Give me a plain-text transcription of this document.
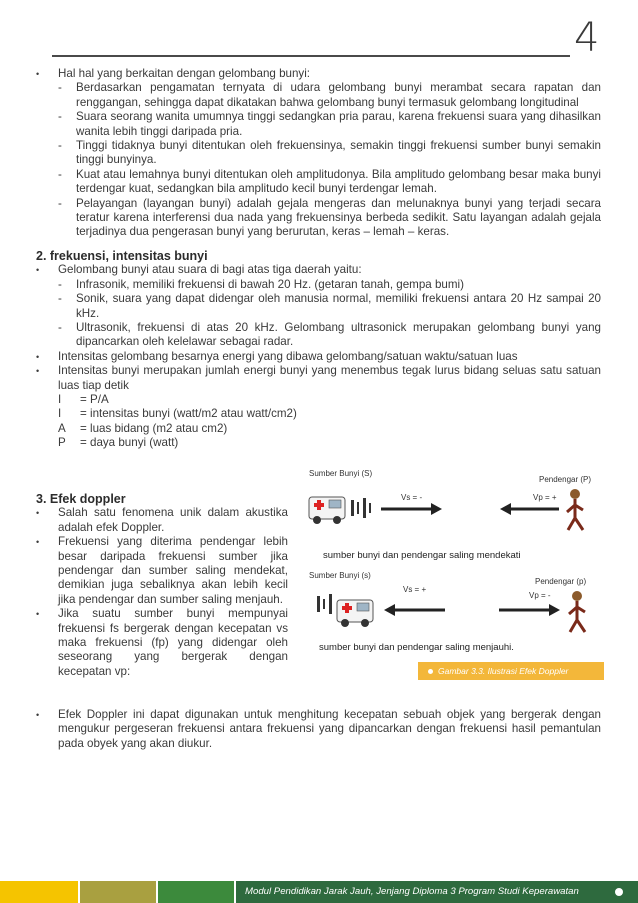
4
• Hal hal yang berkaitan dengan gelombang bunyi:
- Berdasarkan pengamatan ternyata di udara gelombang bunyi merambat secara rapatan dan renggangan, sehingga dapat dikatakan bahwa gelombang bunyi termasuk gelombang longitudinal
- Suara seorang wanita umumnya tinggi sedangkan pria parau, karena frekuensi suara yang dihasilkan wanita lebih tinggi daripada pria.
- Tinggi tidaknya bunyi ditentukan oleh frekuensinya, semakin tinggi frekuensi sumber bunyi semakin tinggi bunyinya.
- Kuat atau lemahnya bunyi ditentukan oleh amplitudonya. Bila amplitudo gelombang besar maka bunyi terdengar kuat, sedangkan bila amplitudo kecil bunyi terdengar lemah.
- Pelayangan (layangan bunyi) adalah gejala mengeras dan melunaknya bunyi yang terjadi secara teratur karena interferensi dua nada yang frekuensinya berbeda sedikit. Satu layangan adalah gejala terjadinya dua pengerasan bunyi yang berurutan, keras – lemah – keras.
2. frekuensi, intensitas bunyi
• Gelombang bunyi atau suara di bagi atas tiga daerah yaitu:
- Infrasonik, memiliki frekuensi di bawah 20 Hz. (getaran tanah, gempa bumi)
- Sonik, suara yang dapat didengar oleh manusia normal, memiliki frekuensi antara 20 Hz sampai 20 kHz.
- Ultrasonik, frekuensi di atas 20 kHz. Gelombang ultrasonick merupakan gelombang bunyi yang dipancarkan oleh kelelawar sebagai radar.
• Intensitas gelombang besarnya energi yang dibawa gelombang/satuan waktu/satuan luas
• Intensitas bunyi merupakan jumlah energi bunyi yang menembus tegak lurus bidang seluas satu satuan luas tiap detik
I	= P/A
I	= intensitas bunyi (watt/m2 atau watt/cm2)
A	= luas bidang (m2 atau cm2)
P	= daya bunyi (watt)
3. Efek doppler
• Salah satu fenomena unik dalam akustika adalah efek Doppler.
• Frekuensi yang diterima pendengar lebih besar daripada frekuensi sumber jika pendengar dan sumber saling mendekat, demikian juga sebaliknya akan lebih kecil jika pendengar dan sumber saling menjauh.
• Jika suatu sumber bunyi mempunyai frekuensi fs bergerak dengan kecepatan vs maka frekuensi (fp) yang didengar oleh seseorang yang bergerak dengan kecepatan vp:
Sumber Bunyi (S)
Pendengar (P)
Vs = -	Vp = +
sumber bunyi dan pendengar saling mendekati
Sumber Bunyi (s)
Pendengar (p)
Vs = +
Vp = -
sumber bunyi dan pendengar saling menjauhi.
Gambar 3.3. Ilustrasi Efek Doppler
• Efek Doppler ini dapat digunakan untuk menghitung kecepatan sebuah objek yang bergerak dengan mengukur pergeseran frekuensi antara frekuensi yang dipancarkan dengan frekuensi hasil pemantulan pada obyek yang akan diukur.
Modul Pendidikan Jarak Jauh, Jenjang Diploma 3 Program Studi Keperawatan
